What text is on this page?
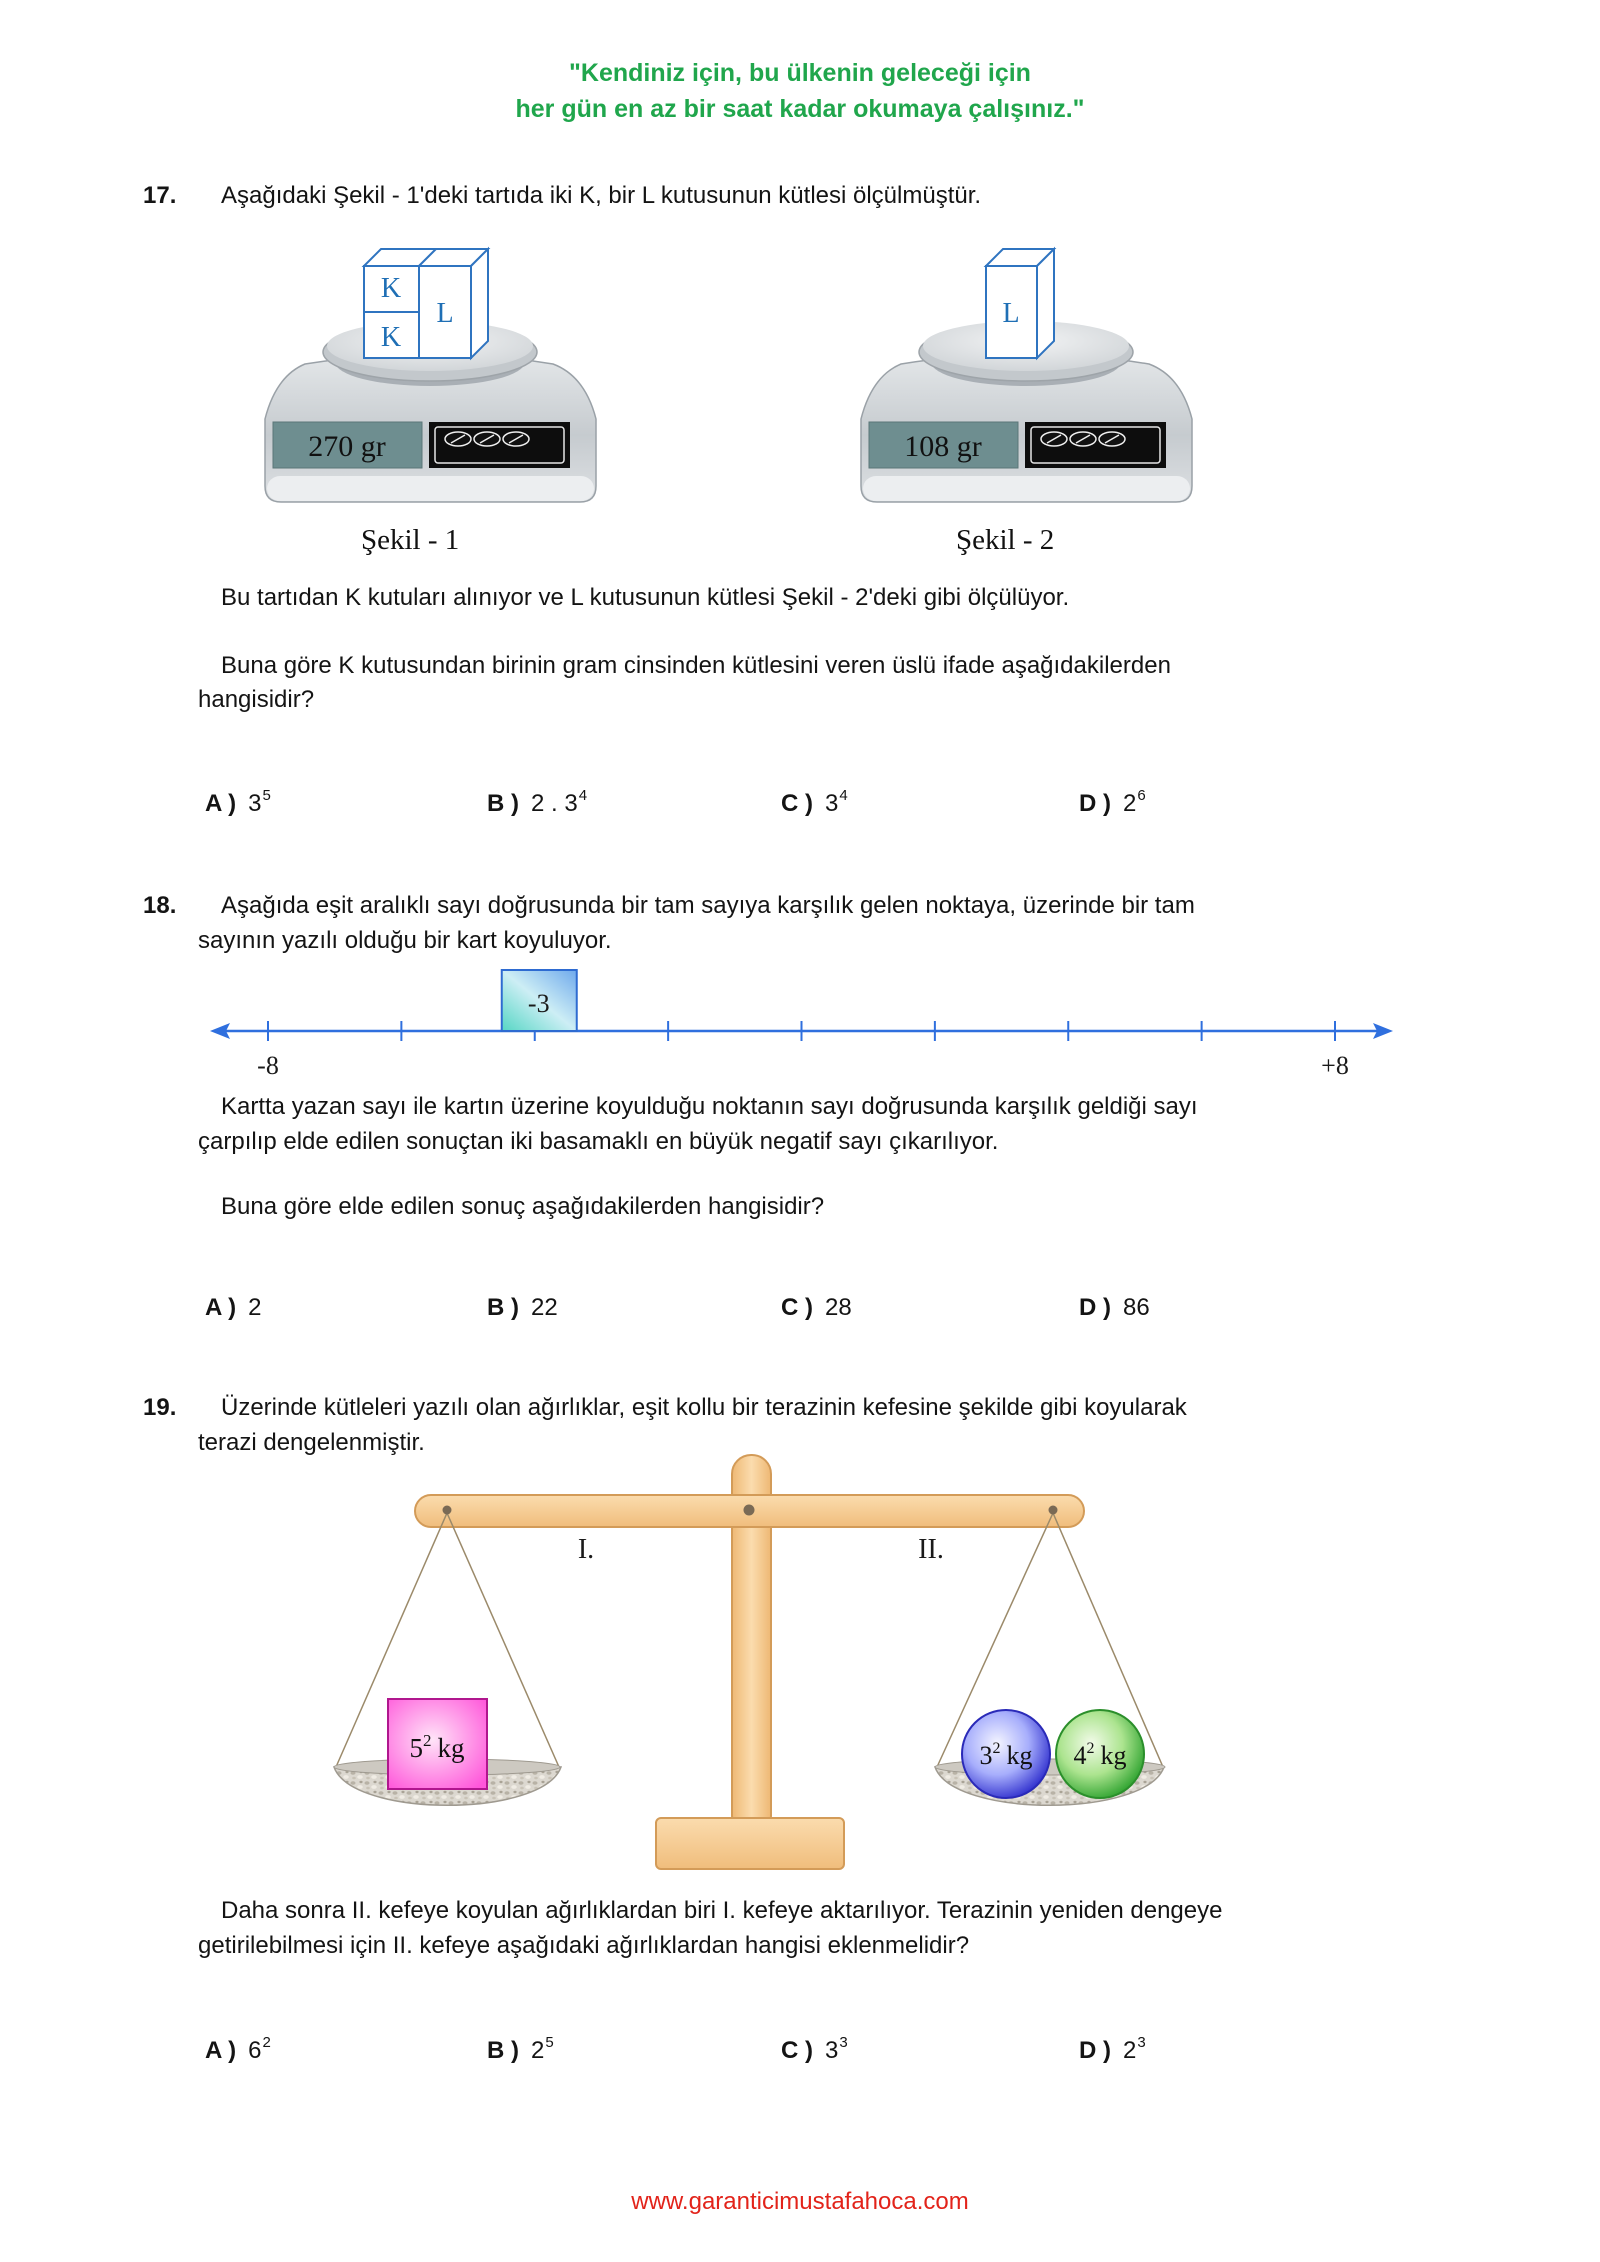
"Kendiniz için, bu ülkenin geleceği için
her gün en az bir saat kadar okumaya çalışınız."
17. Aşağıdaki Şekil - 1'deki tartıda iki K, bir L kutusunun kütlesi ölçülmüştür.
K
K
L
270 gr
L
108 gr
Şekil - 1	Şekil - 2
Bu tartıdan K kutuları alınıyor ve L kutusunun kütlesi Şekil - 2'deki gibi ölçülüyor.
Buna göre K kutusundan birinin gram cinsinden kütlesini veren üslü ifade aşağıdakilerden
hangisidir?
A ) $3^5$	B ) 2 . $3^4$	C ) $3^4$	D ) $2^6$
18. Aşağıda eşit aralıklı sayı doğrusunda bir tam sayıya karşılık gelen noktaya, üzerinde bir tam
sayının yazılı olduğu bir kart koyuluyor.
-3
-8	+8
Kartta yazan sayı ile kartın üzerine koyulduğu noktanın sayı doğrusunda karşılık geldiği sayı
çarpılıp elde edilen sonuçtan iki basamaklı en büyük negatif sayı çıkarılıyor.
Buna göre elde edilen sonuç aşağıdakilerden hangisidir?
A ) 2	B ) 22	C ) 28	D ) 86
19. Üzerinde kütleleri yazılı olan ağırlıklar, eşit kollu bir terazinin kefesine şekilde gibi koyularak
terazi dengelenmiştir.
I.	II.
$5^2$ kg	$3^2$ kg $4^2$ kg
Daha sonra II. kefeye koyulan ağırlıklardan biri I. kefeye aktarılıyor. Terazinin yeniden dengeye
getirilebilmesi için II. kefeye aşağıdaki ağırlıklardan hangisi eklenmelidir?
A ) $6^2$	B ) $2^5$	C ) $3^3$	D ) $2^3$
www.garanticimustafahoca.com
